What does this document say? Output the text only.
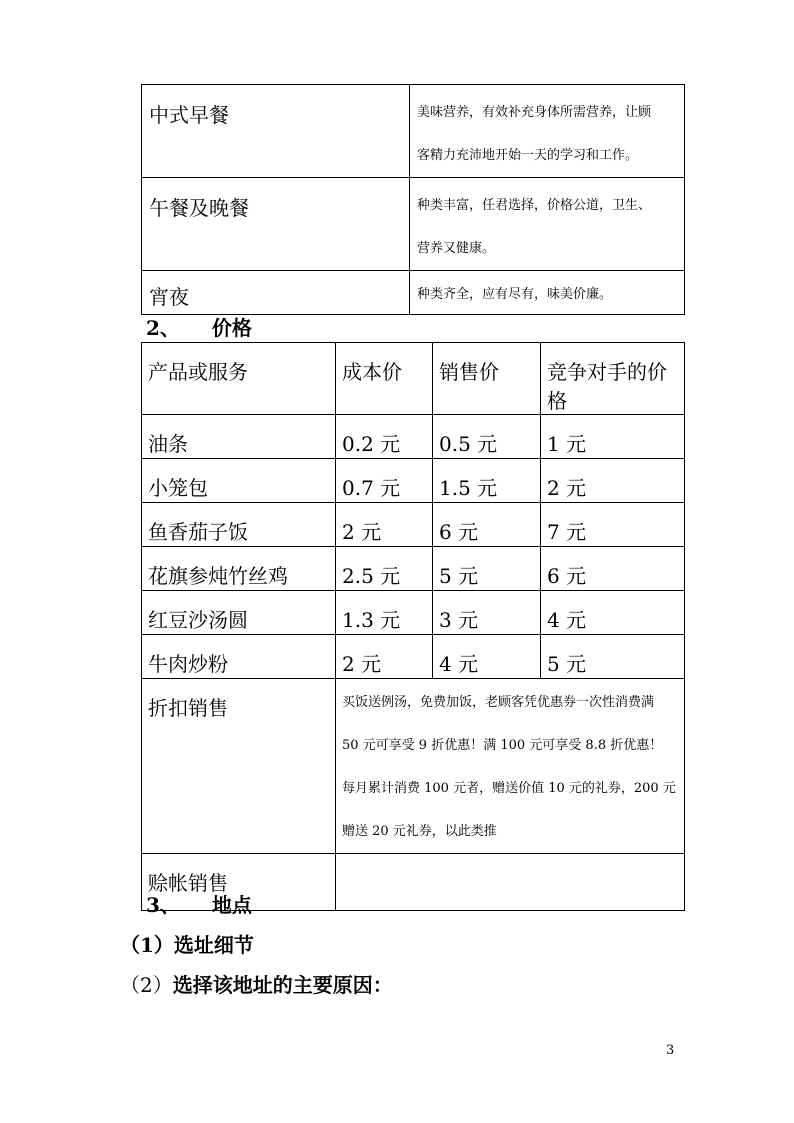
中式早餐	美味营养，有效补充身体所需营养，让顾
客精力充沛地开始一天的学习和工作。

午餐及晚餐	种类丰富，任君选择，价格公道，卫生、
营养又健康。

宵夜	种类齐全，应有尽有，味美价廉。
2、 价格
产品或服务	成本价	销售价	竞争对手的价格
油条	0.2 元	0.5 元	1 元
小笼包	0.7 元	1.5 元	2 元
鱼香茄子饭	2 元	6 元	7 元
花旗参炖竹丝鸡	2.5 元	5 元	6 元
红豆沙汤圆	1.3 元	3 元	4 元
牛肉炒粉	2 元	4 元	5 元
折扣销售	买饭送例汤，免费加饭，老顾客凭优惠券一次性消费满
50 元可享受 9 折优惠！满 100 元可享受 8.8 折优惠！
每月累计消费 100 元者，赠送价值 10 元的礼券，200 元
赠送 20 元礼券，以此类推		

赊帐销售			
3、 地点
（1）选址细节
（2）选择该地址的主要原因：
3
